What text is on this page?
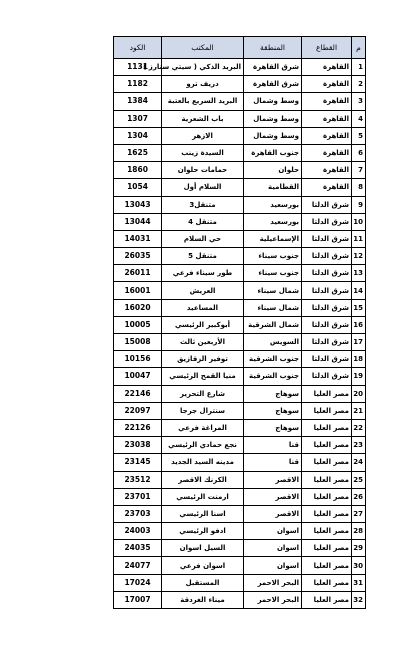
م	القطاع	المنطقة	المكتب	الكود
1	القاهرة	شرق القاهرة	البريد الذكي ( سيتي ستارز )	1131
2	القاهرة	شرق القاهرة	دريف ترو	1182
3	القاهرة	وسط وشمال	البريد السريع بالعتبة	1384
4	القاهرة	وسط وشمال	باب الشعرية	1307
5	القاهرة	وسط وشمال	الازهر	1304
6	القاهرة	جنوب القاهرة	السيدة زينب	1625
7	القاهرة	حلوان	حمامات حلوان	1860
8	القاهرة	القطامية	السلام أول	1054
9	شرق الدلتا	بورسعيد	متنقل3	13043
10	شرق الدلتا	بورسعيد	متنقل 4	13044
11	شرق الدلتا	الإسماعيلية	حي السلام	14031
12	شرق الدلتا	جنوب سيناء	متنقل 5	26035
13	شرق الدلتا	جنوب سيناء	طور سيناء فرعي	26011
14	شرق الدلتا	شمال سيناء	العريش	16001
15	شرق الدلتا	شمال سيناء	المساعيد	16020
16	شرق الدلتا	شمال الشرقية	أبوكبير الرئيسي	10005
17	شرق الدلتا	السويس	الأربعين ثالث	15008
18	شرق الدلتا	جنوب الشرقية	توفير الزقازيق	10156
19	شرق الدلتا	جنوب الشرقية	منيا القمح الرئيسي	10047
20	مصر العليا	سوهاج	شارع التحرير	22146
21	مصر العليا	سوهاج	سنترال جرجا	22097
22	مصر العليا	سوهاج	المراغة فرعي	22126
23	مصر العليا	قنا	نجع حمادي الرئيسي	23038
24	مصر العليا	قنا	مدينه السيد الجديد	23145
25	مصر العليا	الاقصر	الكرنك الاقصر	23512
26	مصر العليا	الاقصر	ارمنت الرئيسي	23701
27	مصر العليا	الاقصر	اسنا الرئيسي	23703
28	مصر العليا	اسوان	ادفو الرئيسي	24003
29	مصر العليا	اسوان	السيل اسوان	24035
30	مصر العليا	اسوان	اسوان فرعي	24077
31	مصر العليا	البحر الاحمر	المستقبل	17024
32	مصر العليا	البحر الاحمر	ميناء الغردقة	17007
